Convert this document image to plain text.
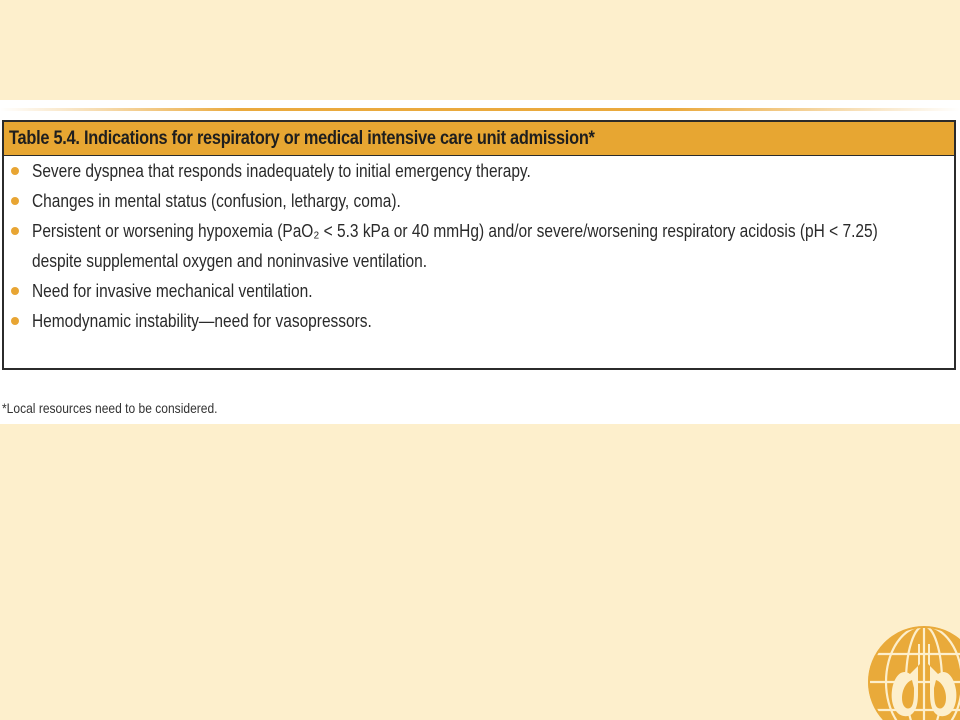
Table 5.4. Indications for respiratory or medical intensive care unit admission*
Severe dyspnea that responds inadequately to initial emergency therapy.
Changes in mental status (confusion, lethargy, coma).
Persistent or worsening hypoxemia (PaO₂ < 5.3 kPa or 40 mmHg) and/or severe/worsening respiratory acidosis (pH < 7.25)
despite supplemental oxygen and noninvasive ventilation.
Need for invasive mechanical ventilation.
Hemodynamic instability—need for vasopressors.
*Local resources need to be considered.
